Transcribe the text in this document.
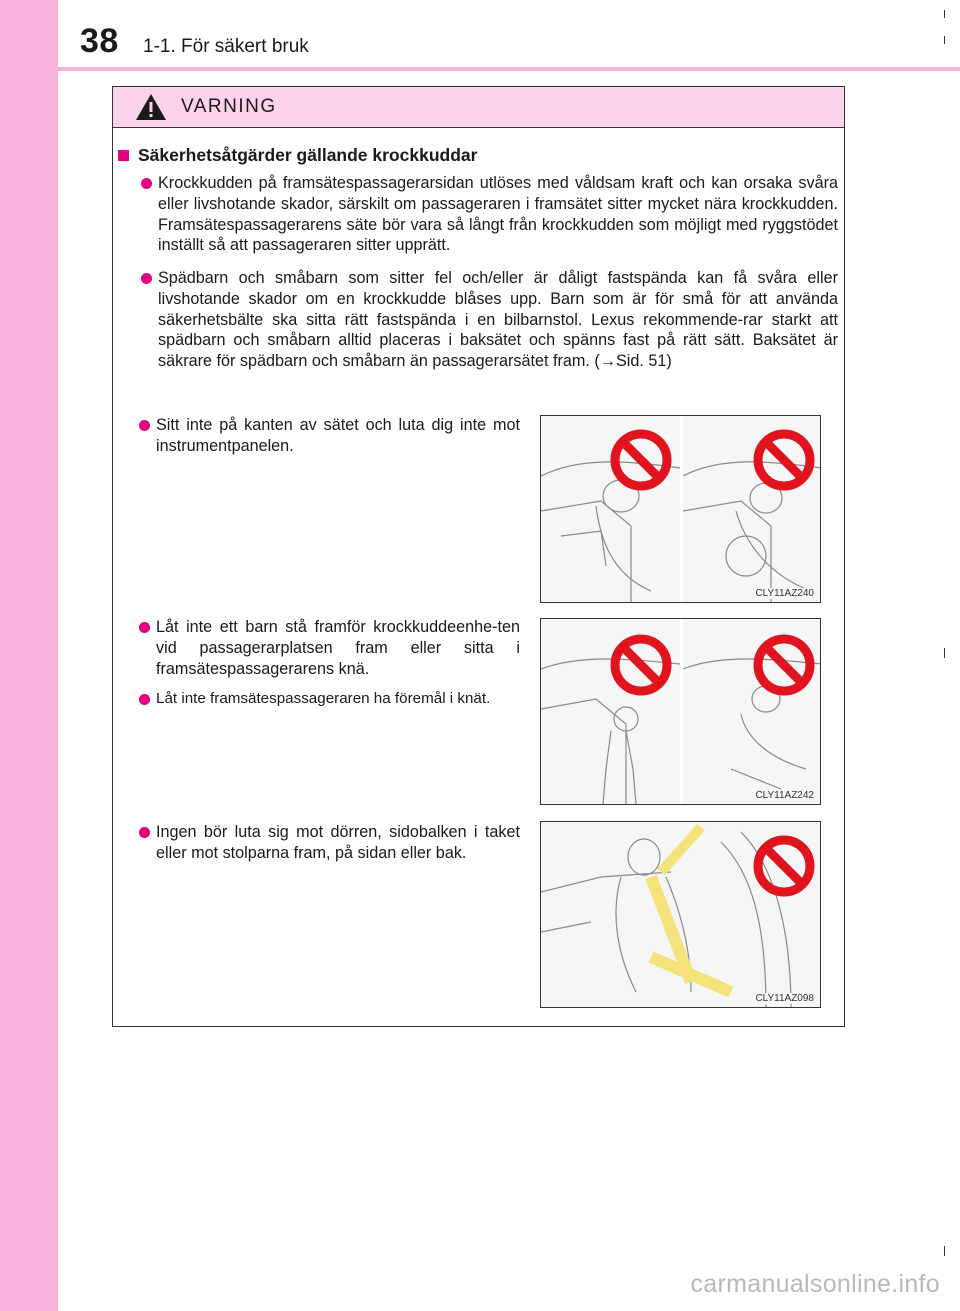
38 1-1. För säkert bruk
VARNING
Säkerhetsåtgärder gällande krockkuddar
Krockkudden på framsätespassagerarsidan utlöses med våldsam kraft och kan orsaka svåra eller livshotande skador, särskilt om passageraren i framsätet sitter mycket nära krockkudden. Framsätespassagerarens säte bör vara så långt från krockkudden som möjligt med ryggstödet inställt så att passageraren sitter upprätt.
Spädbarn och småbarn som sitter fel och/eller är dåligt fastspända kan få svåra eller livshotande skador om en krockkudde blåses upp. Barn som är för små för att använda säkerhetsbälte ska sitta rätt fastspända i en bilbarnstol. Lexus rekommende-rar starkt att spädbarn och småbarn alltid placeras i baksätet och spänns fast på rätt sätt. Baksätet är säkrare för spädbarn och småbarn än passagerarsätet fram. (→Sid. 51)
Sitt inte på kanten av sätet och luta dig inte mot instrumentpanelen.
Låt inte ett barn stå framför krockkuddeenhe-ten vid passagerarplatsen fram eller sitta i framsätespassagerarens knä.
Låt inte framsätespassageraren ha föremål i knät.
Ingen bör luta sig mot dörren, sidobalken i taket eller mot stolparna fram, på sidan eller bak.
CLY11AZ240
CLY11AZ242
CLY11AZ098
carmanualsonline.info
